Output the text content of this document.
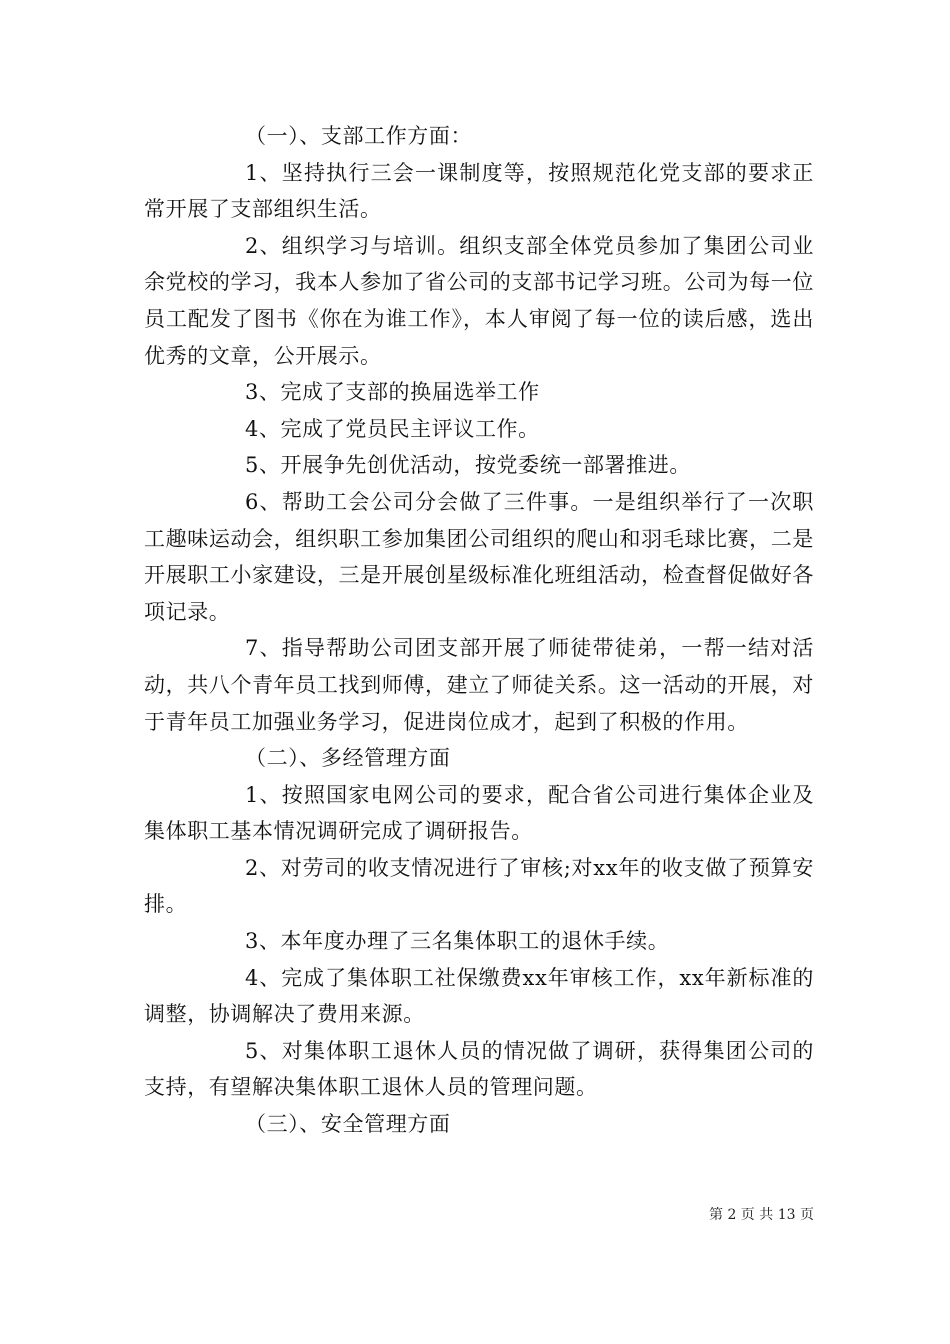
（一）、支部工作方面：

1、坚持执行三会一课制度等，按照规范化党支部的要求正常开展了支部组织生活。

2、组织学习与培训。组织支部全体党员参加了集团公司业余党校的学习，我本人参加了省公司的支部书记学习班。公司为每一位员工配发了图书《你在为谁工作》，本人审阅了每一位的读后感，选出优秀的文章，公开展示。

3、完成了支部的换届选举工作

4、完成了党员民主评议工作。

5、开展争先创优活动，按党委统一部署推进。

6、帮助工会公司分会做了三件事。一是组织举行了一次职工趣味运动会，组织职工参加集团公司组织的爬山和羽毛球比赛，二是开展职工小家建设，三是开展创星级标准化班组活动，检查督促做好各项记录。

7、指导帮助公司团支部开展了师徒带徒弟，一帮一结对活动，共八个青年员工找到师傅，建立了师徒关系。这一活动的开展，对于青年员工加强业务学习，促进岗位成才，起到了积极的作用。

（二）、多经管理方面

1、按照国家电网公司的要求，配合省公司进行集体企业及集体职工基本情况调研完成了调研报告。

2、对劳司的收支情况进行了审核;对xx年的收支做了预算安排。

3、本年度办理了三名集体职工的退休手续。

4、完成了集体职工社保缴费xx年审核工作，xx年新标准的调整，协调解决了费用来源。

5、对集体职工退休人员的情况做了调研，获得集团公司的支持，有望解决集体职工退休人员的管理问题。

（三）、安全管理方面

第 2 页 共 13 页
